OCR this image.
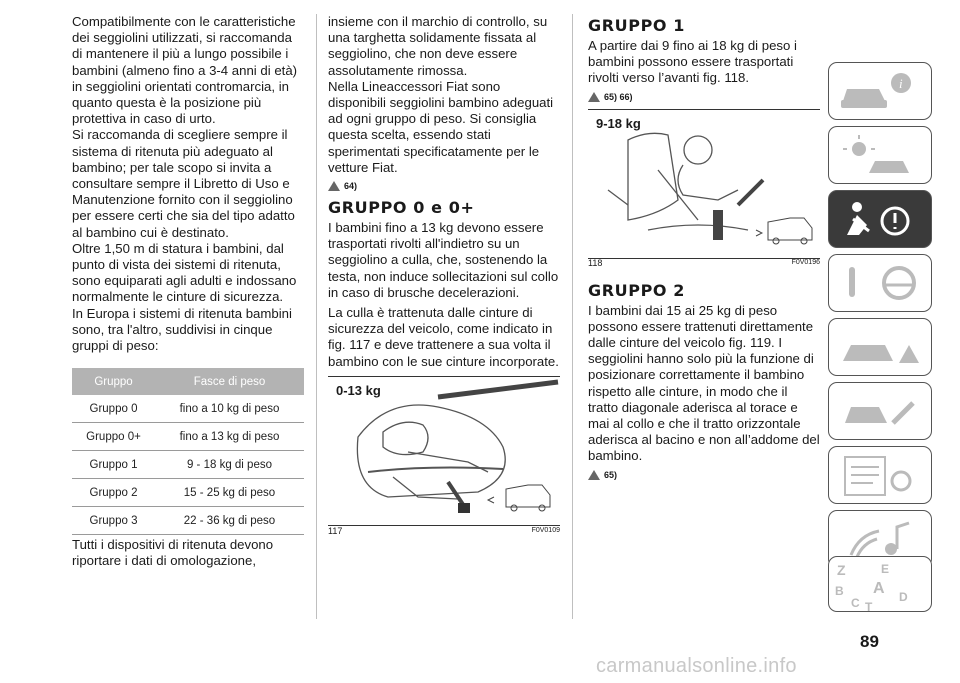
Compatibilmente con le caratteristiche dei seggiolini utilizzati, si raccomanda di mantenere il più a lungo possibile i bambini (almeno fino a 3-4 anni di età) in seggiolini orientati contromarcia, in quanto questa è la posizione più protettiva in caso di urto.

Si raccomanda di scegliere sempre il sistema di ritenuta più adeguato al bambino; per tale scopo si invita a consultare sempre il Libretto di Uso e Manutenzione fornito con il seggiolino per essere certi che sia del tipo adatto al bambino cui è destinato.

Oltre 1,50 m di statura i bambini, dal punto di vista dei sistemi di ritenuta, sono equiparati agli adulti e indossano normalmente le cinture di sicurezza.

In Europa i sistemi di ritenuta bambini sono, tra l'altro, suddivisi in cinque gruppi di peso:

Gruppo	Fasce di peso
Gruppo 0	fino a 10 kg di peso
Gruppo 0+	fino a 13 kg di peso
Gruppo 1	9 - 18 kg di peso
Gruppo 2	15 - 25 kg di peso
Gruppo 3	22 - 36 kg di peso

Tutti i dispositivi di ritenuta devono riportare i dati di omologazione,

insieme con il marchio di controllo, su una targhetta solidamente fissata al seggiolino, che non deve essere assolutamente rimossa.

Nella Lineaccessori Fiat sono disponibili seggiolini bambino adeguati ad ogni gruppo di peso. Si consiglia questa scelta, essendo stati sperimentati specificatamente per le vetture Fiat.

64)
GRUPPO 0 e 0+

I bambini fino a 13 kg devono essere trasportati rivolti all'indietro su un seggiolino a culla, che, sostenendo la testa, non induce sollecitazioni sul collo in caso di brusche decelerazioni.

La culla è trattenuta dalle cinture di sicurezza del veicolo, come indicato in fig. 117 e deve trattenere a sua volta il bambino con le sue cinture incorporate.

0-13 kg
117	F0V0109
GRUPPO 1

A partire dai 9 fino ai 18 kg di peso i bambini possono essere trasportati rivolti verso l’avanti fig. 118.

65) 66)
9-18 kg
118	F0V0196
GRUPPO 2

I bambini dai 15 ai 25 kg di peso possono essere trattenuti direttamente dalle cinture del veicolo fig. 119. I seggiolini hanno solo più la funzione di posizionare correttamente il bambino rispetto alle cinture, in modo che il tratto diagonale aderisca al torace e mai al collo e che il tratto orizzontale aderisca al bacino e non all’addome del bambino.

65)
i
Z	E
B A
C T
D
89
carmanualsonline.info
